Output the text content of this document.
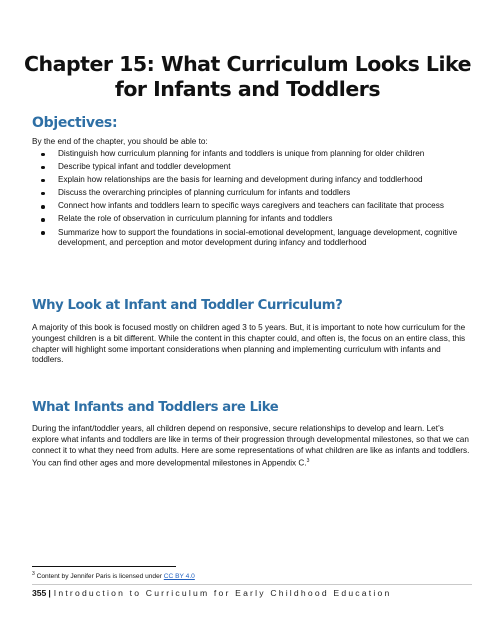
Chapter 15: What Curriculum Looks Like
for Infants and Toddlers
Objectives:

By the end of the chapter, you should be able to:

Distinguish how curriculum planning for infants and toddlers is unique from planning for older children
Describe typical infant and toddler development
Explain how relationships are the basis for learning and development during infancy and toddlerhood
Discuss the overarching principles of planning curriculum for infants and toddlers
Connect how infants and toddlers learn to specific ways caregivers and teachers can facilitate that process
Relate the role of observation in curriculum planning for infants and toddlers
Summarize how to support the foundations in social-emotional development, language development, cognitive development, and perception and motor development during infancy and toddlerhood
Why Look at Infant and Toddler Curriculum?

A majority of this book is focused mostly on children aged 3 to 5 years. But, it is important to note how curriculum for the youngest children is a bit different. While the content in this chapter could, and often is, the focus on an entire class, this chapter will highlight some important considerations when planning and implementing curriculum with infants and toddlers.

What Infants and Toddlers are Like

During the infant/toddler years, all children depend on responsive, secure relationships to develop and learn. Let’s explore what infants and toddlers are like in terms of their progression through developmental milestones, so that we can connect it to what they need from adults. Here are some representations of what children are like as infants and toddlers. You can find other ages and more developmental milestones in Appendix C.$^3$

$^3$ Content by Jennifer Paris is licensed under CC BY 4.0

355 | Introduction to Curriculum for Early Childhood Education
